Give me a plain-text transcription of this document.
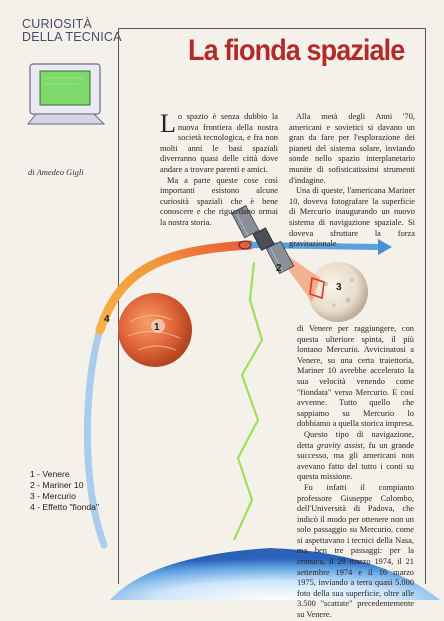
CURIOSITÀ
DELLA TECNICA La fionda spaziale
di Amedeo Gigli
1
2
3
4

Lo spazio è senza dubbio la nuova frontiera della nostra società tecnologica, e fra non molti anni le basi spaziali diverranno quasi delle città dove andare a trovare parenti e amici.

Ma a parte queste cose così importanti esistono alcune curiosità spaziali che è bene conoscere e che riguardano ormai la nostra storia.

Alla metà degli Anni '70, americani e sovietici si davano un gran da fare per l'esplorazione dei pianeti del sistema solare, inviando sonde nello spazio interplanetario munite di sofisticatissimi strumenti d'indagine.

Una di queste, l'americana Mariner 10, doveva fotografare la superficie di Mercurio inaugurando un nuovo sistema di navigazione spaziale. Si doveva sfruttare la forza gravitazionale

di Venere per raggiungere, con questa ulteriore spinta, il più lontano Mercurio. Avvicinatosi a Venere, su una certa traiettoria, Mariner 10 avrebbe accelerato la sua velocità venendo come "fiondata" verso Mercurio. E così avvenne. Tutto quello che sappiamo su Mercurio lo dobbiamo a quella storica impresa.

Questo tipo di navigazione, detta gravity assist, fu un grande successo, ma gli americani non avevano fatto del tutto i conti su questa missione.

Fu infatti il compianto professore Giuseppe Colombo, dell'Università di Padova, che indicò il modo per ottenere non un solo passaggio su Mercurio, come si aspettavano i tecnici della Nasa, ma ben tre passaggi: per la cronaca, il 29 marzo 1974, il 21 settembre 1974 e il 16 marzo 1975, inviando a terra quasi 5.000 foto della sua superficie, oltre alle 3.500 "scattate" precedentemente su Venere.

1 - Venere
2 - Mariner 10
3 - Mercurio
4 - Effetto "fionda"
